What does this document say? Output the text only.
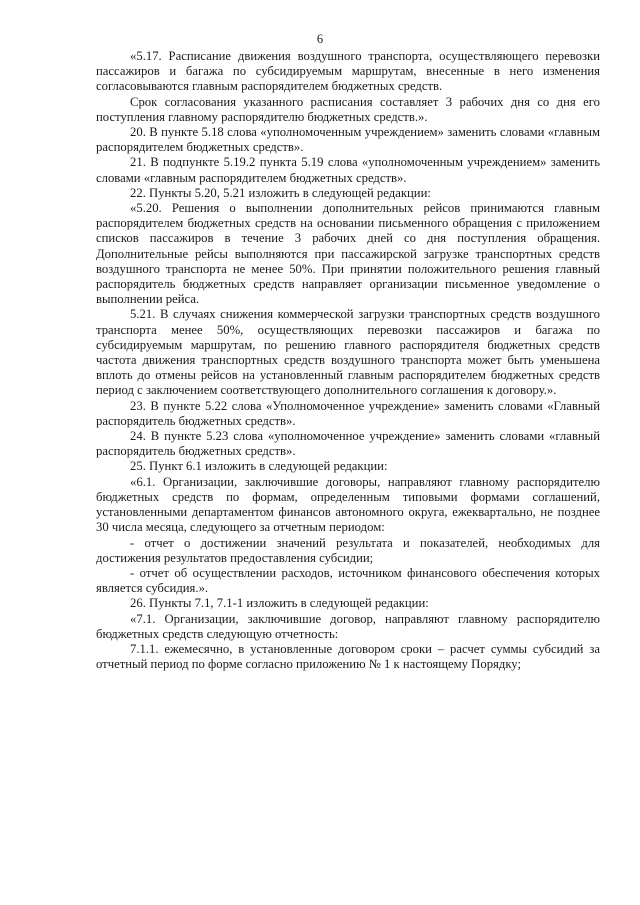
6

«5.17. Расписание движения воздушного транспорта, осуществляющего перевозки пассажиров и багажа по субсидируемым маршрутам, внесенные в него изменения согласовываются главным распорядителем бюджетных средств.

Срок согласования указанного расписания составляет 3 рабочих дня со дня его поступления главному распорядителю бюджетных средств.».

20. В пункте 5.18 слова «уполномоченным учреждением» заменить словами «главным распорядителем бюджетных средств».

21. В подпункте 5.19.2 пункта 5.19 слова «уполномоченным учреждением» заменить словами «главным распорядителем бюджетных средств».

22. Пункты 5.20, 5.21 изложить в следующей редакции:

«5.20. Решения о выполнении дополнительных рейсов принимаются главным распорядителем бюджетных средств на основании письменного обращения с приложением списков пассажиров в течение 3 рабочих дней со дня поступления обращения. Дополнительные рейсы выполняются при пассажирской загрузке транспортных средств воздушного транспорта не менее 50%. При принятии положительного решения главный распорядитель бюджетных средств направляет организации письменное уведомление о выполнении рейса.

5.21. В случаях снижения коммерческой загрузки транспортных средств воздушного транспорта менее 50%, осуществляющих перевозки пассажиров и багажа по субсидируемым маршрутам, по решению главного распорядителя бюджетных средств частота движения транспортных средств воздушного транспорта может быть уменьшена вплоть до отмены рейсов на установленный главным распорядителем бюджетных средств период с заключением соответствующего дополнительного соглашения к договору.».

23. В пункте 5.22 слова «Уполномоченное учреждение» заменить словами «Главный распорядитель бюджетных средств».

24. В пункте 5.23 слова «уполномоченное учреждение» заменить словами «главный распорядитель бюджетных средств».

25. Пункт 6.1 изложить в следующей редакции:

«6.1. Организации, заключившие договоры, направляют главному распорядителю бюджетных средств по формам, определенным типовыми формами соглашений, установленными департаментом финансов автономного округа, ежеквартально, не позднее 30 числа месяца, следующего за отчетным периодом:

- отчет о достижении значений результата и показателей, необходимых для достижения результатов предоставления субсидии;

- отчет об осуществлении расходов, источником финансового обеспечения которых является субсидия.».

26. Пункты 7.1, 7.1-1 изложить в следующей редакции:

«7.1. Организации, заключившие договор, направляют главному распорядителю бюджетных средств следующую отчетность:

7.1.1. ежемесячно, в установленные договором сроки – расчет суммы субсидий за отчетный период по форме согласно приложению № 1 к настоящему Порядку;
